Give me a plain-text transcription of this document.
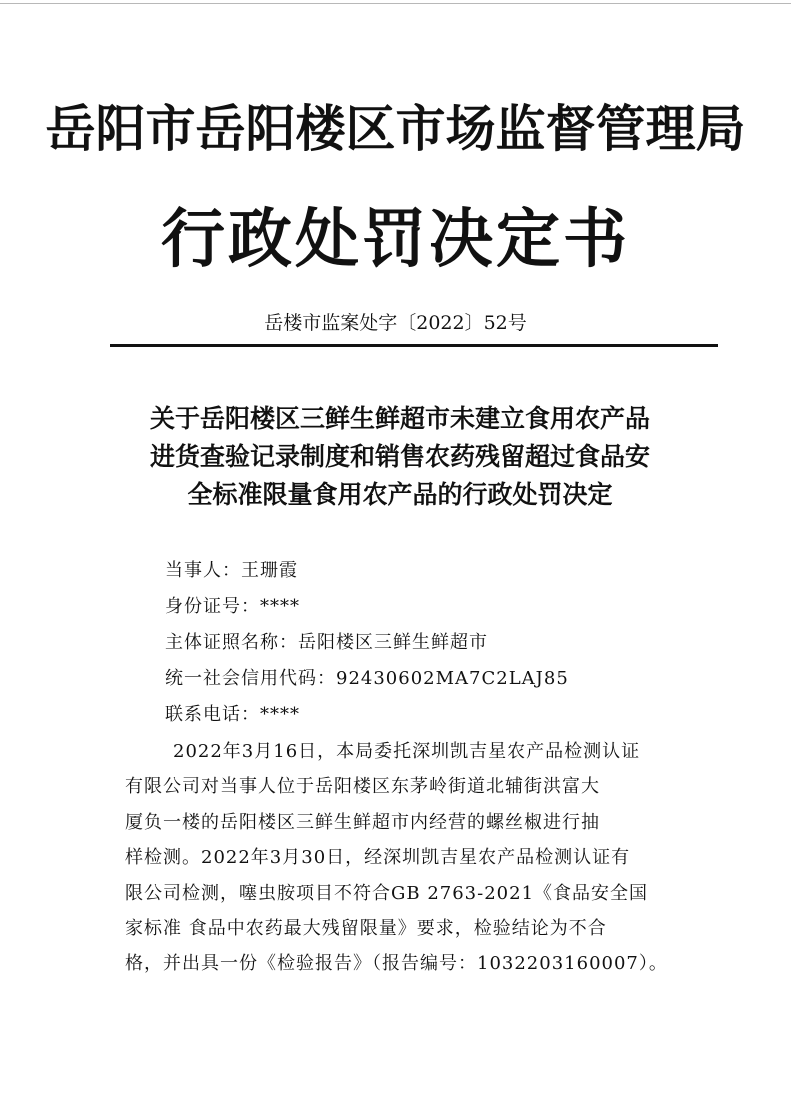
岳阳市岳阳楼区市场监督管理局
行政处罚决定书
岳楼市监案处字〔2022〕52号
关于岳阳楼区三鲜生鲜超市未建立食用农产品
进货查验记录制度和销售农药残留超过食品安
全标准限量食用农产品的行政处罚决定
当事人：王珊霞
身份证号：****
主体证照名称：岳阳楼区三鲜生鲜超市
统一社会信用代码：92430602MA7C2LAJ85
联系电话：****
2022年3月16日，本局委托深圳凯吉星农产品检测认证
有限公司对当事人位于岳阳楼区东茅岭街道北辅街洪富大
厦负一楼的岳阳楼区三鲜生鲜超市内经营的螺丝椒进行抽
样检测。2022年3月30日，经深圳凯吉星农产品检测认证有
限公司检测，噻虫胺项目不符合GB 2763-2021《食品安全国
家标准 食品中农药最大残留限量》要求，检验结论为不合
格，并出具一份《检验报告》（报告编号：1032203160007）。
